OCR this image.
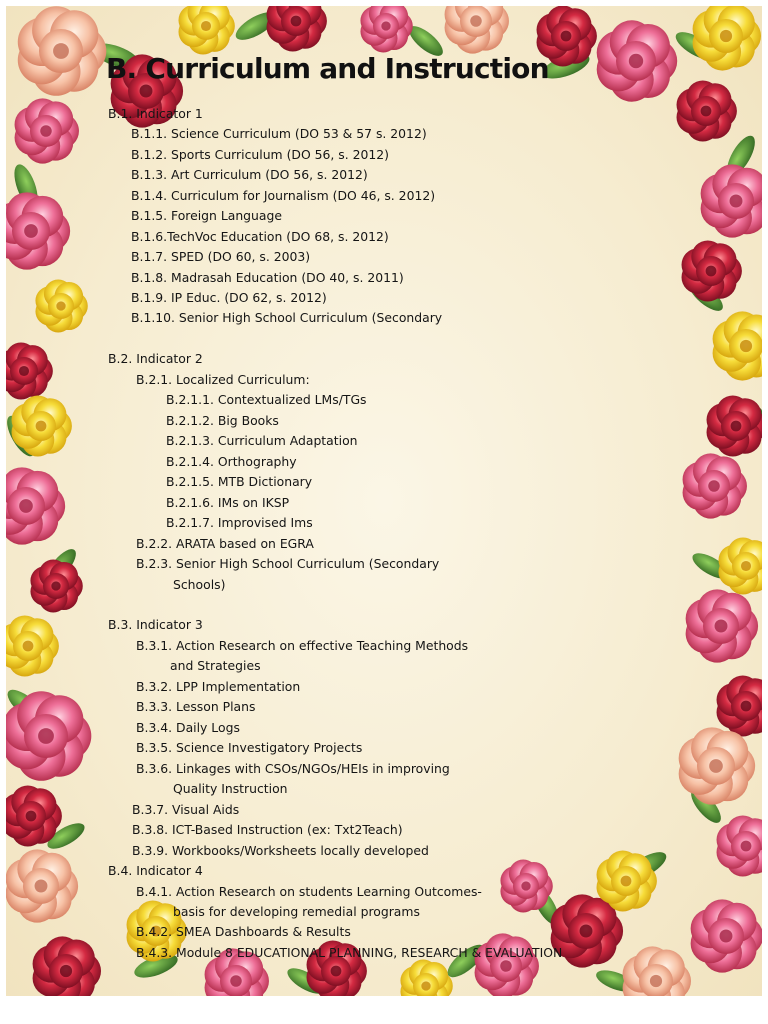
B. Curriculum and Instruction
B.1. Indicator 1
B.1.1. Science Curriculum (DO 53 & 57 s. 2012)
B.1.2. Sports Curriculum (DO 56, s. 2012)
B.1.3. Art Curriculum (DO 56, s. 2012)
B.1.4. Curriculum for Journalism (DO 46, s. 2012)
B.1.5. Foreign Language
B.1.6.TechVoc Education (DO 68, s. 2012)
B.1.7. SPED (DO 60, s. 2003)
B.1.8. Madrasah Education (DO 40, s. 2011)
B.1.9. IP Educ. (DO 62, s. 2012)
B.1.10. Senior High School Curriculum (Secondary
B.2. Indicator 2
B.2.1. Localized Curriculum:
B.2.1.1. Contextualized LMs/TGs
B.2.1.2. Big Books
B.2.1.3. Curriculum Adaptation
B.2.1.4. Orthography
B.2.1.5. MTB Dictionary
B.2.1.6. IMs on IKSP
B.2.1.7. Improvised Ims
B.2.2. ARATA based on EGRA
B.2.3. Senior High School Curriculum (Secondary
Schools)
B.3. Indicator 3
B.3.1. Action Research on effective Teaching Methods
and Strategies
B.3.2. LPP Implementation
B.3.3. Lesson Plans
B.3.4. Daily Logs
B.3.5. Science Investigatory Projects
B.3.6. Linkages with CSOs/NGOs/HEIs in improving
Quality Instruction
B.3.7. Visual Aids
B.3.8. ICT-Based Instruction (ex: Txt2Teach)
B.3.9. Workbooks/Worksheets locally developed
B.4. Indicator 4
B.4.1. Action Research on students Learning Outcomes-
basis for developing remedial programs
B.4.2. SMEA Dashboards & Results
B.4.3. Module 8 EDUCATIONAL PLANNING, RESEARCH & EVALUATION
